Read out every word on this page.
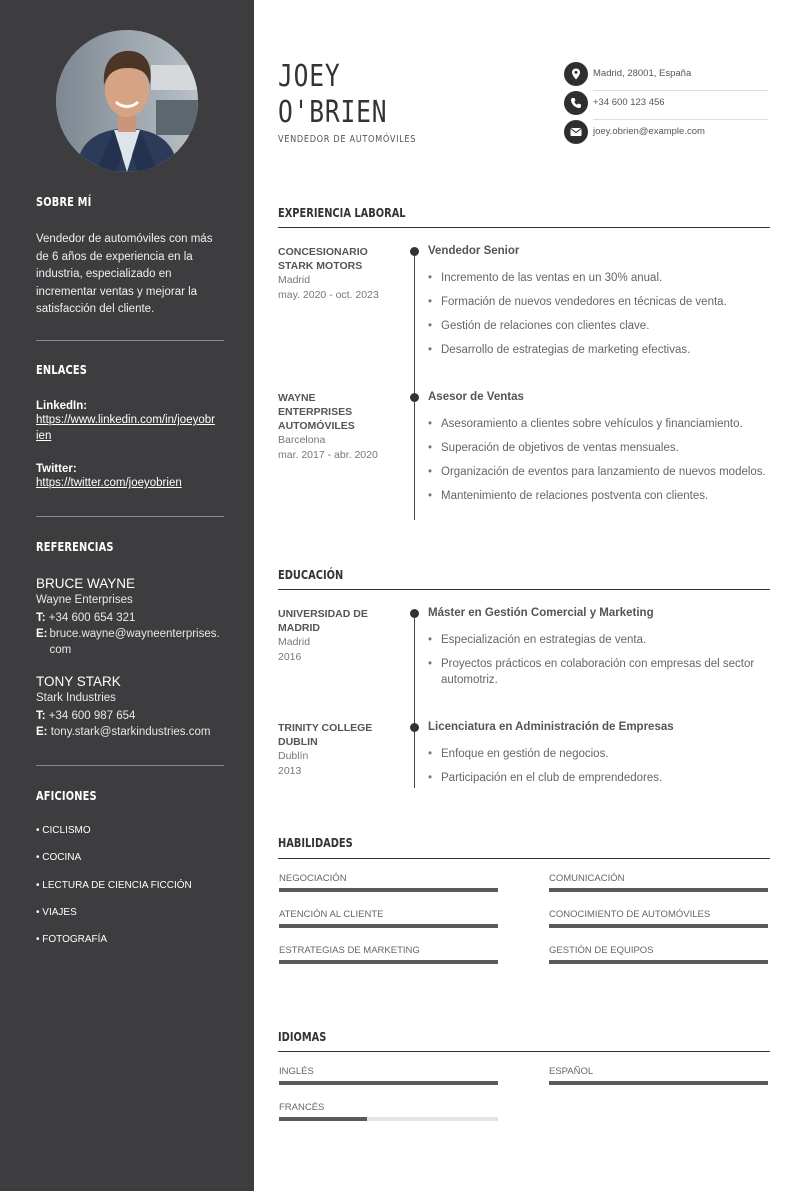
SOBRE MÍ
Vendedor de automóviles con más de 6 años de experiencia en la industria, especializado en incrementar ventas y mejorar la satisfacción del cliente.
ENLACES
LinkedIn:
https://www.linkedin.com/in/joeyobrien
Twitter:
https://twitter.com/joeyobrien
REFERENCIAS
BRUCE WAYNE
Wayne Enterprises
T: +34 600 654 321
E: bruce.wayne@wayneenterprises.com
TONY STARK
Stark Industries
T: +34 600 987 654
E: tony.stark@starkindustries.com
AFICIONES
• CICLISMO
• COCINA
• LECTURA DE CIENCIA FICCIÓN
• VIAJES
• FOTOGRAFÍA
JOEY
O'BRIEN
VENDEDOR DE AUTOMÓVILES
Madrid, 28001, España
+34 600 123 456
joey.obrien@example.com
EXPERIENCIA LABORAL
CONCESIONARIO STARK MOTORS
Madrid
may. 2020 - oct. 2023
Vendedor Senior
• Incremento de las ventas en un 30% anual.
• Formación de nuevos vendedores en técnicas de venta.
• Gestión de relaciones con clientes clave.
• Desarrollo de estrategias de marketing efectivas.
WAYNE ENTERPRISES AUTOMÓVILES
Barcelona
mar. 2017 - abr. 2020
Asesor de Ventas
• Asesoramiento a clientes sobre vehículos y financiamiento.
• Superación de objetivos de ventas mensuales.
• Organización de eventos para lanzamiento de nuevos modelos.
• Mantenimiento de relaciones postventa con clientes.
EDUCACIÓN
UNIVERSIDAD DE MADRID
Madrid
2016
Máster en Gestión Comercial y Marketing
• Especialización en estrategias de venta.
• Proyectos prácticos en colaboración con empresas del sector automotriz.
TRINITY COLLEGE DUBLIN
Dublín
2013
Licenciatura en Administración de Empresas
• Enfoque en gestión de negocios.
• Participación en el club de emprendedores.
HABILIDADES
NEGOCIACIÓN	COMUNICACIÓN
ATENCIÓN AL CLIENTE	CONOCIMIENTO DE AUTOMÓVILES
ESTRATEGIAS DE MARKETING	GESTIÓN DE EQUIPOS
IDIOMAS
INGLÉS	ESPAÑOL
FRANCÉS
